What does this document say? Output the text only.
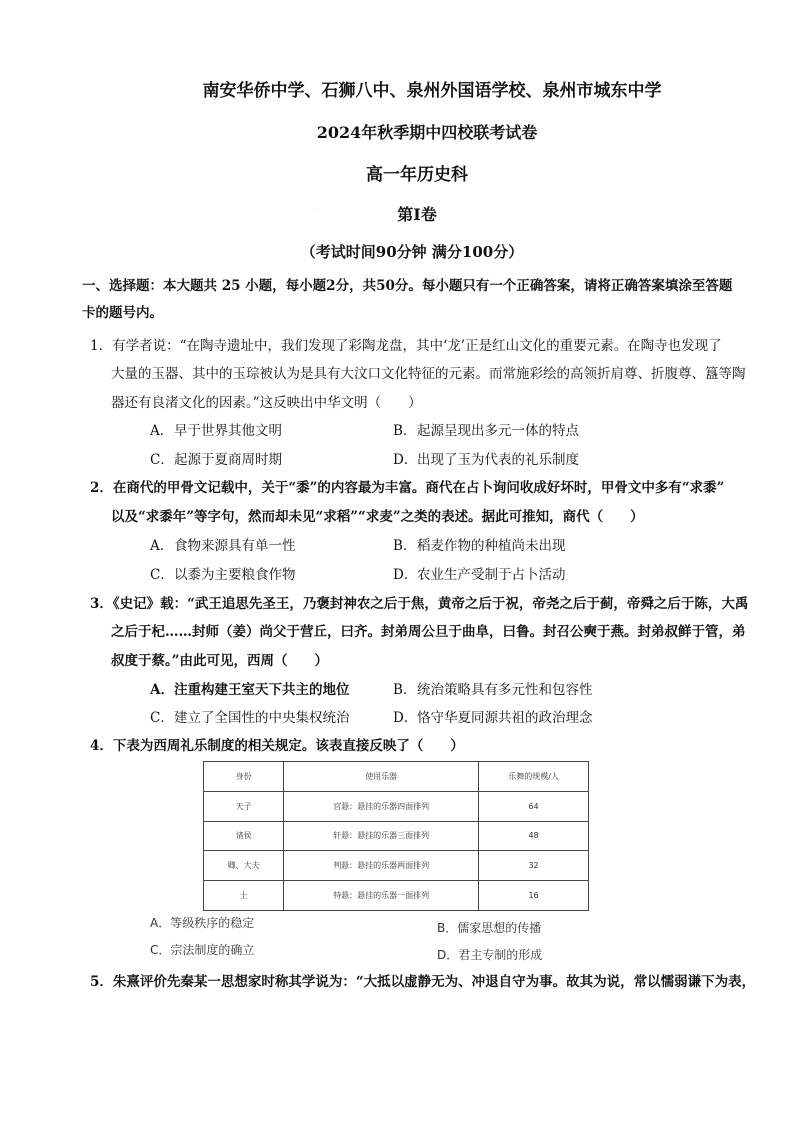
南安华侨中学、石狮八中、泉州外国语学校、泉州市城东中学
2024年秋季期中四校联考试卷
高一年历史科
·	第Ⅰ卷
（考试时间90分钟 满分100分）
一、选择题：本大题共 25 小题，每小题2分，共50分。每小题只有一个正确答案，请将正确答案填涂至答题
卡的题号内。
1．有学者说：“在陶寺遗址中，我们发现了彩陶龙盘，其中‘龙’正是红山文化的重要元素。在陶寺也发现了
大量的玉器、其中的玉琮被认为是具有大汶口文化特征的元素。而常施彩绘的高领折肩尊、折腹尊、簋等陶
器还有良渚文化的因素。”这反映出中华文明（　　）
A．早于世界其他文明	B．起源呈现出多元一体的特点
C．起源于夏商周时期	D．出现了玉为代表的礼乐制度
2．在商代的甲骨文记载中，关于“黍”的内容最为丰富。商代在占卜询问收成好坏时，甲骨文中多有“求黍”
以及“求黍年”等字句，然而却未见“求稻”“求麦”之类的表述。据此可推知，商代（　　）
A．食物来源具有单一性	B．稻麦作物的种植尚未出现
C．以黍为主要粮食作物	D．农业生产受制于占卜活动
3．《史记》载：“武王追思先圣王，乃褒封神农之后于焦，黄帝之后于祝，帝尧之后于蓟，帝舜之后于陈，大禹
之后于杞……封师（姜）尚父于营丘，曰齐。封弟周公旦于曲阜，曰鲁。封召公奭于燕。封弟叔鲜于管，弟
叔度于蔡。”由此可见，西周（　　）
A．注重构建王室天下共主的地位	B．统治策略具有多元性和包容性
C．建立了全国性的中央集权统治	D．恪守华夏同源共祖的政治理念
4．下表为西周礼乐制度的相关规定。该表直接反映了（　　）
身份	使用乐器	乐舞的规模/人
天子	宫悬：悬挂的乐器四面排列	64
诸侯	轩悬：悬挂的乐器三面排列	48
卿、大夫	判悬：悬挂的乐器两面排列	32
士	特悬：悬挂的乐器一面排列	16
A．等级秩序的稳定	B．儒家思想的传播
C．宗法制度的确立	D．君主专制的形成
5．朱熹评价先秦某一思想家时称其学说为：“大抵以虚静无为、冲退自守为事。故其为说，常以懦弱谦下为表，
